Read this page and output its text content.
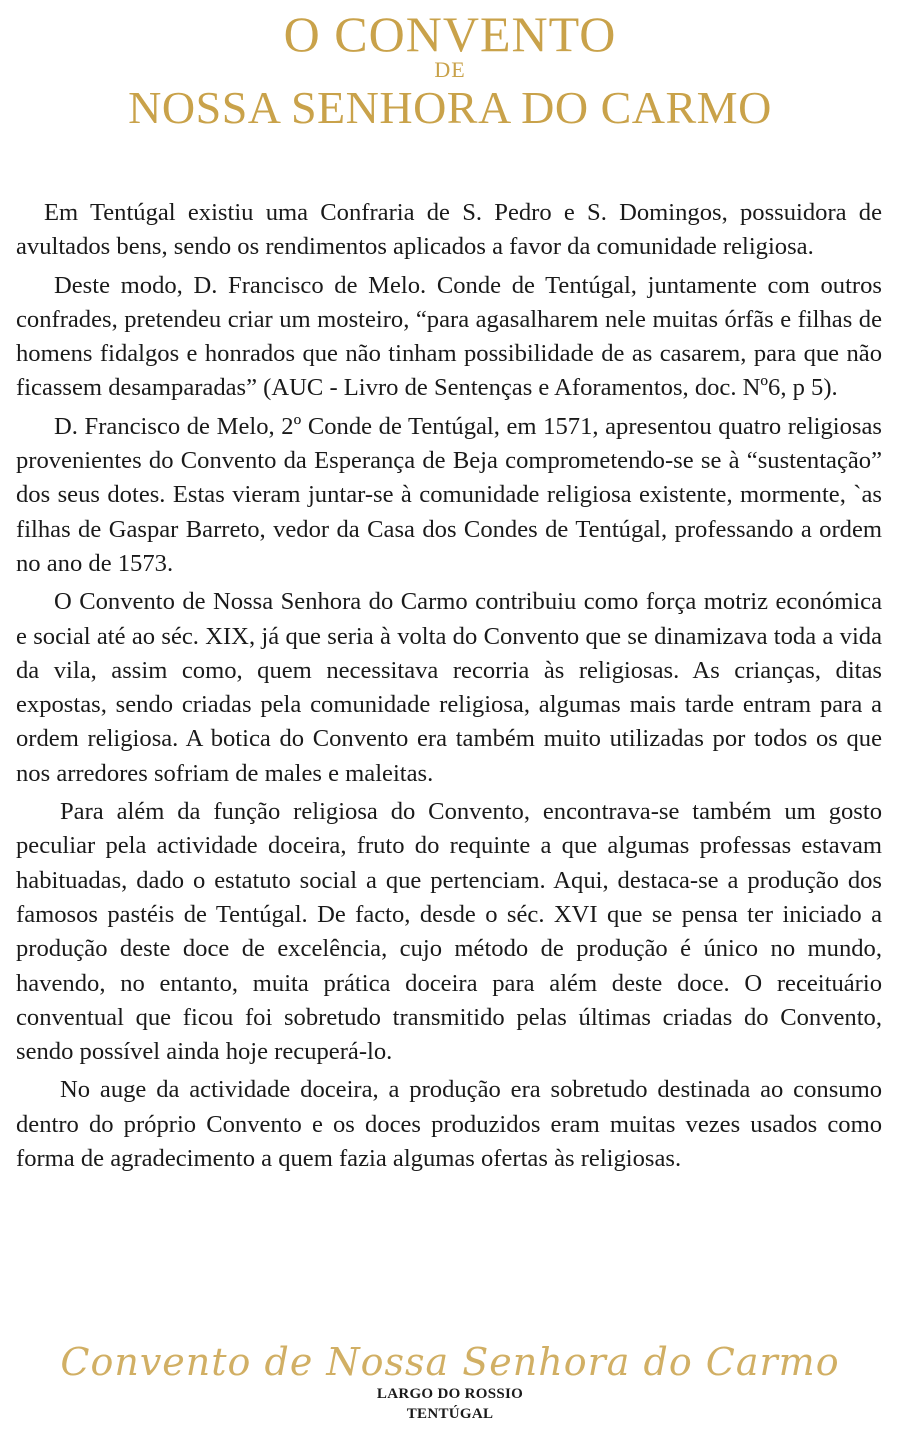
O CONVENTO
DE
NOSSA SENHORA DO CARMO

Em Tentúgal existiu uma Confraria de S. Pedro e S. Domingos, possuidora de avultados bens, sendo os rendimentos aplicados a favor da comunidade religiosa.

Deste modo, D. Francisco de Melo. Conde de Tentúgal, juntamente com outros confrades, pretendeu criar um mosteiro, “para agasalharem nele muitas órfãs e filhas de homens fidalgos e honrados que não tinham possibilidade de as casarem, para que não ficassem desamparadas” (AUC - Livro de Sentenças e Aforamentos, doc. Nº6, p 5).

D. Francisco de Melo, 2º Conde de Tentúgal, em 1571, apresentou quatro religiosas provenientes do Convento da Esperança de Beja comprometendo-se se à “sustentação” dos seus dotes. Estas vieram juntar-se à comunidade religiosa existente, mormente, `as filhas de Gaspar Barreto, vedor da Casa dos Condes de Tentúgal, professando a ordem no ano de 1573.

O Convento de Nossa Senhora do Carmo contribuiu como força motriz económica e social até ao séc. XIX, já que seria à volta do Convento que se dinamizava toda a vida da vila, assim como, quem necessitava recorria às religiosas. As crianças, ditas expostas, sendo criadas pela comunidade religiosa, algumas mais tarde entram para a ordem religiosa. A botica do Convento era também muito utilizadas por todos os que nos arredores sofriam de males e maleitas.

Para além da função religiosa do Convento, encontrava-se também um gosto peculiar pela actividade doceira, fruto do requinte a que algumas professas estavam habituadas, dado o estatuto social a que pertenciam. Aqui, destaca-se a produção dos famosos pastéis de Tentúgal. De facto, desde o séc. XVI que se pensa ter iniciado a produção deste doce de excelência, cujo método de produção é único no mundo, havendo, no entanto, muita prática doceira para além deste doce. O receituário conventual que ficou foi sobretudo transmitido pelas últimas criadas do Convento, sendo possível ainda hoje recuperá-lo.

No auge da actividade doceira, a produção era sobretudo destinada ao consumo dentro do próprio Convento e os doces produzidos eram muitas vezes usados como forma de agradecimento a quem fazia algumas ofertas às religiosas.

Convento de Nossa Senhora do Carmo
LARGO DO ROSSIO
TENTÚGAL
